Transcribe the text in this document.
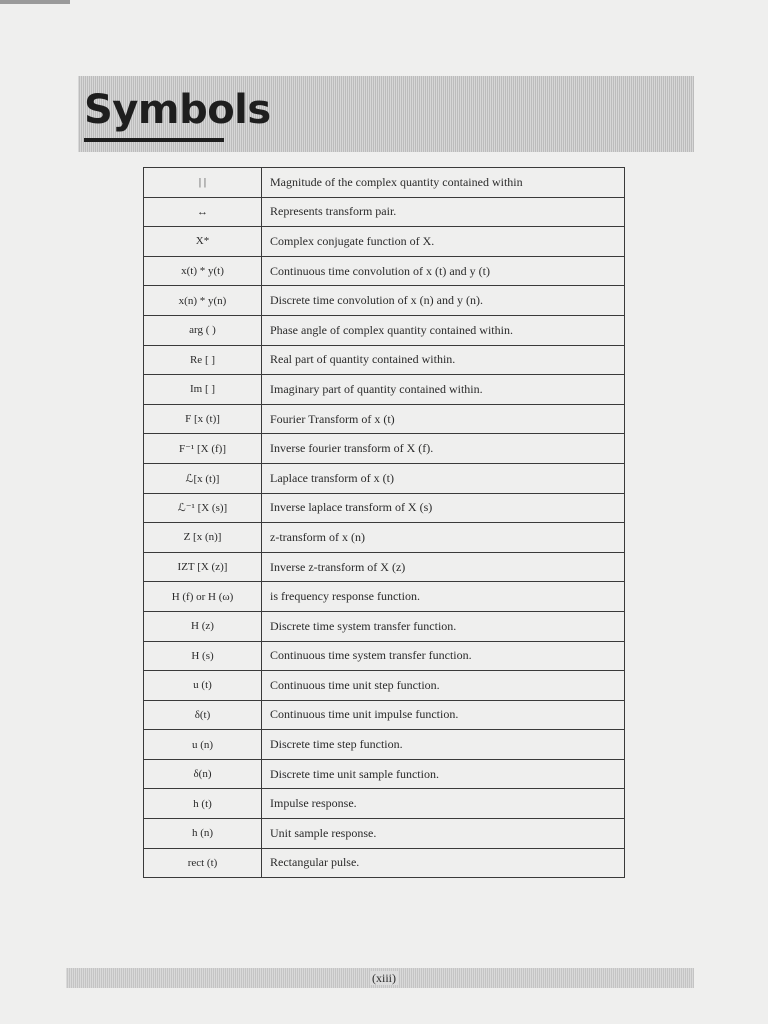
Symbols
| |	Magnitude of the complex quantity contained within
↔	Represents transform pair.
X*	Complex conjugate function of X.
x(t) * y(t)	Continuous time convolution of x (t) and y (t)
x(n) * y(n)	Discrete time convolution of x (n) and y (n).
arg ( )	Phase angle of complex quantity contained within.
Re [ ]	Real part of quantity contained within.
Im [ ]	Imaginary part of quantity contained within.
F [x (t)]	Fourier Transform of x (t)
F⁻¹ [X (f)]	Inverse fourier transform of X (f).
ℒ[x (t)]	Laplace transform of x (t)
ℒ⁻¹ [X (s)]	Inverse laplace transform of X (s)
Z [x (n)]	z-transform of x (n)
IZT [X (z)]	Inverse z-transform of X (z)
H (f) or H (ω)	is frequency response function.
H (z)	Discrete time system transfer function.
H (s)	Continuous time system transfer function.
u (t)	Continuous time unit step function.
δ(t)	Continuous time unit impulse function.
u (n)	Discrete time step function.
δ(n)	Discrete time unit sample function.
h (t)	Impulse response.
h (n)	Unit sample response.
rect (t)	Rectangular pulse.
(xiii)
